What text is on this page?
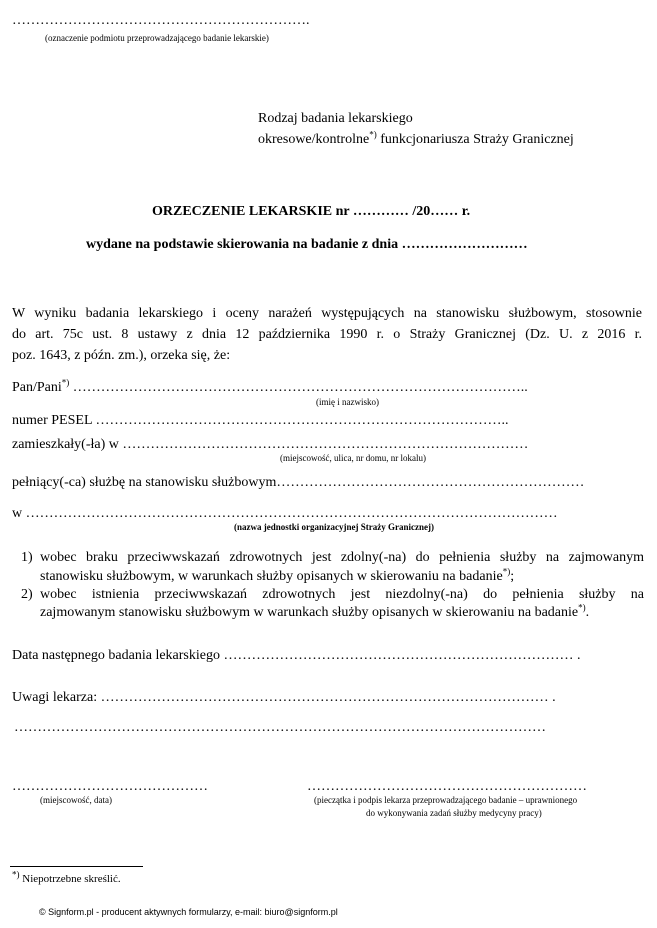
……………………………………………………….
(oznaczenie podmiotu przeprowadzającego badanie lekarskie)
Rodzaj badania lekarskiego
okresowe/kontrolne*) funkcjonariusza Straży Granicznej
ORZECZENIE LEKARSKIE nr ………… /20…… r.
wydane na podstawie skierowania na badanie z dnia ………………………
W wyniku badania lekarskiego i oceny narażeń występujących na stanowisku służbowym, stosownie
do art. 75c ust. 8 ustawy z dnia 12 października 1990 r. o Straży Granicznej (Dz. U. z 2016 r.
poz. 1643, z późn. zm.), orzeka się, że:
Pan/Pani*) ……………………………………………………………………………………..
(imię i nazwisko)
numer PESEL ……………………………………………………………………………..
zamieszkały(-ła) w ……………………………………………………………………………
(miejscowość, ulica, nr domu, nr lokalu)
pełniący(-ca) służbę na stanowisku służbowym…………………………………………………………
w ……………………………………………………………………………………………………
(nazwa jednostki organizacyjnej Straży Granicznej)
1) wobec braku przeciwwskazań zdrowotnych jest zdolny(-na) do pełnienia służby na zajmowanym
stanowisku służbowym, w warunkach służby opisanych w skierowaniu na badanie*);
2) wobec istnienia przeciwwskazań zdrowotnych jest niezdolny(-na) do pełnienia służby na
zajmowanym stanowisku służbowym w warunkach służby opisanych w skierowaniu na badanie*).
Data następnego badania lekarskiego ………………………………………………………………… .
Uwagi lekarza: …………………………………………………………………………………… .
……………………………………………………………………………………………………
……………………………………
(miejscowość, data)
……………………………………………………
(pieczątka i podpis lekarza przeprowadzającego badanie – uprawnionego
do wykonywania zadań służby medycyny pracy)
*) Niepotrzebne skreślić.
© Signform.pl - producent aktywnych formularzy, e-mail: biuro@signform.pl
